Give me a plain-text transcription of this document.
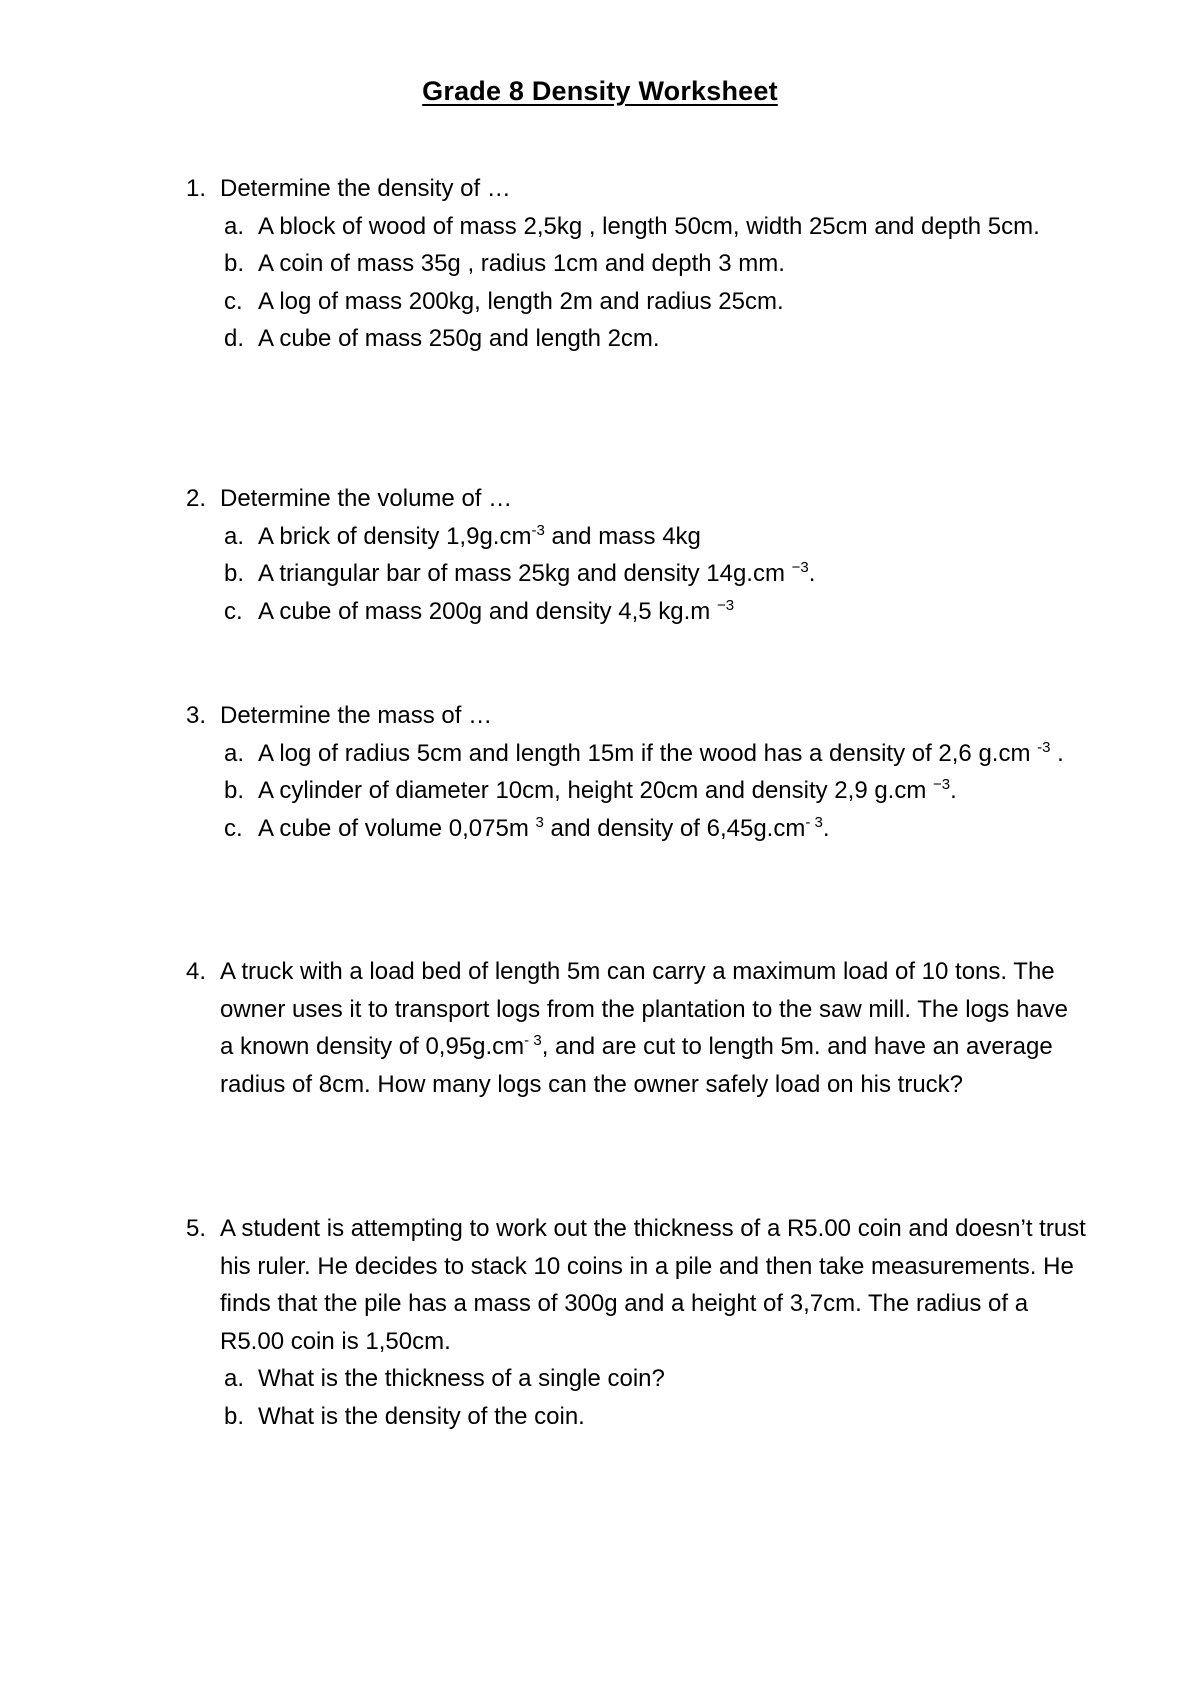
Grade 8 Density Worksheet
1. Determine the density of …
a. A block of wood of mass 2,5kg , length 50cm, width 25cm and depth 5cm.
b. A coin of mass 35g , radius 1cm and depth 3 mm.
c. A log of mass 200kg, length 2m and radius 25cm.
d. A cube of mass 250g and length 2cm.
2. Determine the volume of …
a. A brick of density $1,9g.cm^{-3}$ and mass 4kg
b. A triangular bar of mass 25kg and density 14g.cm $^{-3}$.
c. A cube of mass 200g and density 4,5 kg.m $^{-3}$
3. Determine the mass of …
a. A log of radius 5cm and length 15m if the wood has a density of 2,6 g.cm $^{-3}$ .
b. A cylinder of diameter 10cm, height 20cm and density 2,9 g.cm $^{-3}$.
c. A cube of volume 0,075m $^3$ and density of $6,45g.cm^{- 3}$.
4. A truck with a load bed of length 5m can carry a maximum load of 10 tons. The owner uses it to transport logs from the plantation to the saw mill. The logs have a known density of $0,95g.cm^{- 3}$, and are cut to length 5m. and have an average radius of 8cm. How many logs can the owner safely load on his truck?
5. A student is attempting to work out the thickness of a R5.00 coin and doesn’t trust his ruler. He decides to stack 10 coins in a pile and then take measurements. He finds that the pile has a mass of 300g and a height of 3,7cm. The radius of a R5.00 coin is 1,50cm.
a. What is the thickness of a single coin?
b. What is the density of the coin.
